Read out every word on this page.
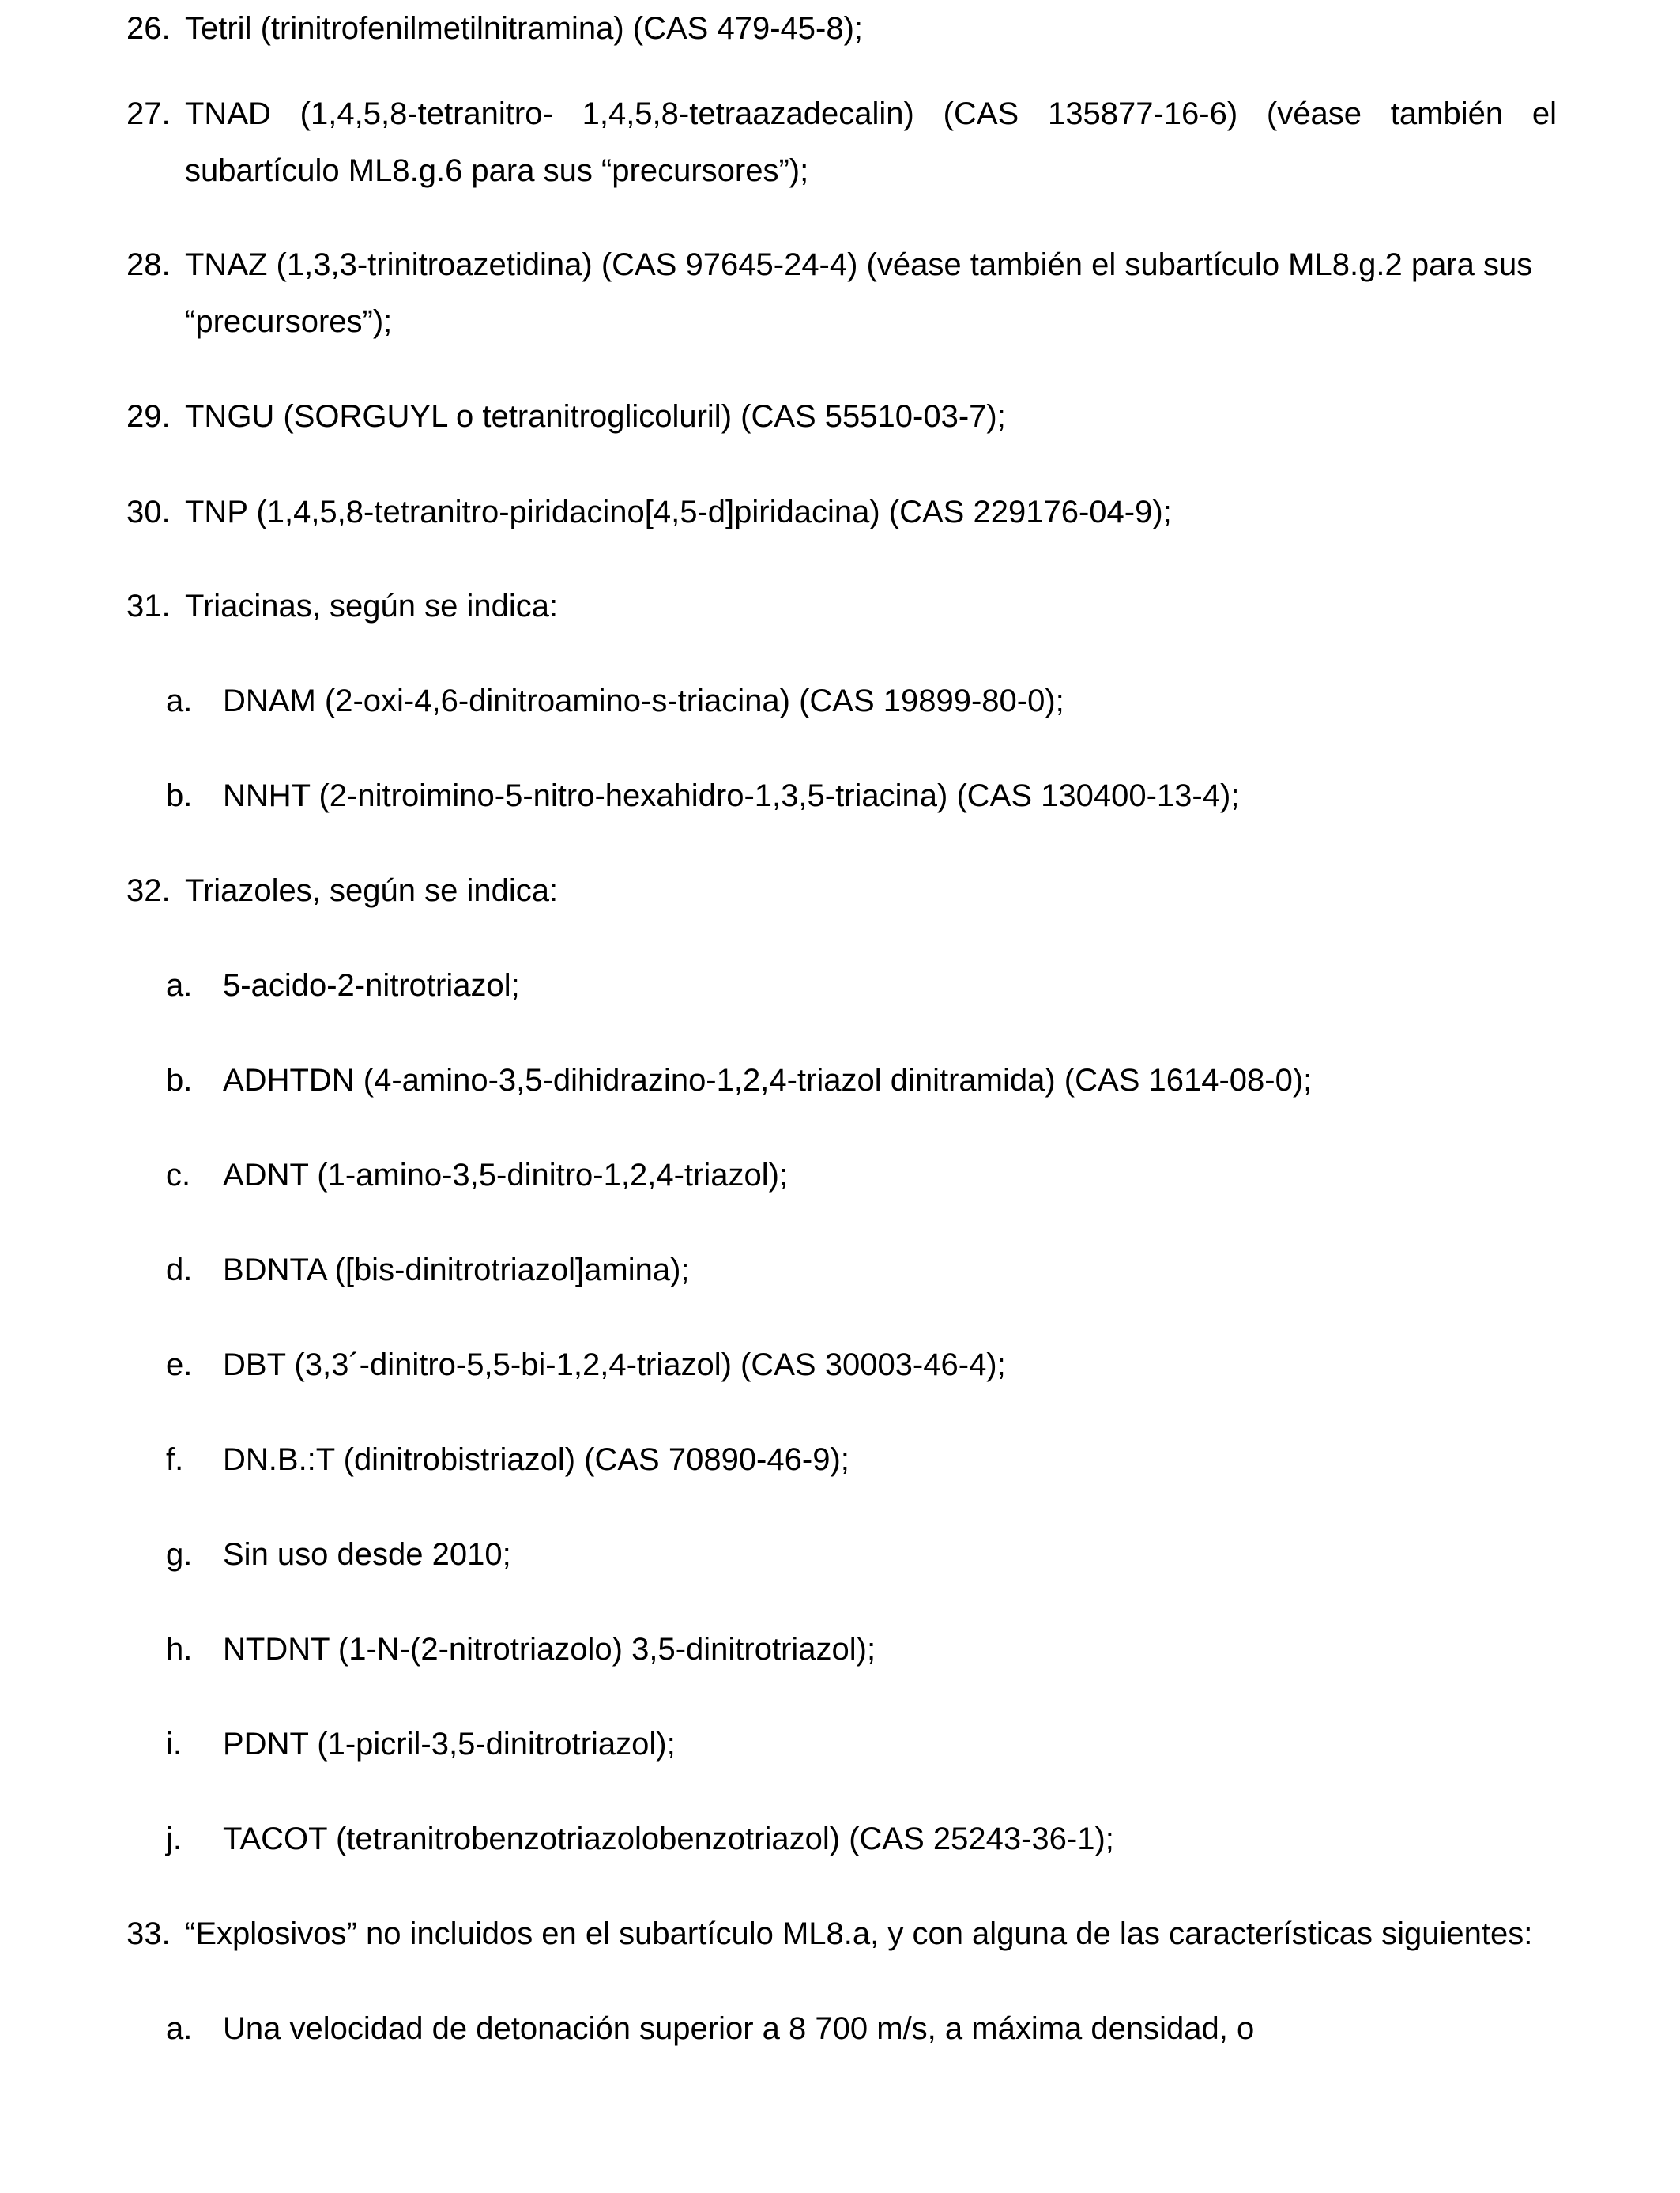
26. Tetril (trinitrofenilmetilnitramina) (CAS 479-45-8);
27. TNAD (1,4,5,8-tetranitro- 1,4,5,8-tetraazadecalin) (CAS 135877-16-6) (véase también el
subartículo ML8.g.6 para sus “precursores”);
28. TNAZ (1,3,3-trinitroazetidina) (CAS 97645-24-4) (véase también el subartículo ML8.g.2 para sus
“precursores”);
29. TNGU (SORGUYL o tetranitroglicoluril) (CAS 55510-03-7);
30. TNP (1,4,5,8-tetranitro-piridacino[4,5-d]piridacina) (CAS 229176-04-9);
31. Triacinas, según se indica:
a. DNAM (2-oxi-4,6-dinitroamino-s-triacina) (CAS 19899-80-0);
b. NNHT (2-nitroimino-5-nitro-hexahidro-1,3,5-triacina) (CAS 130400-13-4);
32. Triazoles, según se indica:
a. 5-acido-2-nitrotriazol;
b. ADHTDN (4-amino-3,5-dihidrazino-1,2,4-triazol dinitramida) (CAS 1614-08-0);
c. ADNT (1-amino-3,5-dinitro-1,2,4-triazol);
d. BDNTA ([bis-dinitrotriazol]amina);
e. DBT (3,3´-dinitro-5,5-bi-1,2,4-triazol) (CAS 30003-46-4);
f. DN.B.:T (dinitrobistriazol) (CAS 70890-46-9);
g. Sin uso desde 2010;
h. NTDNT (1-N-(2-nitrotriazolo) 3,5-dinitrotriazol);
i. PDNT (1-picril-3,5-dinitrotriazol);
j. TACOT (tetranitrobenzotriazolobenzotriazol) (CAS 25243-36-1);
33. “Explosivos” no incluidos en el subartículo ML8.a, y con alguna de las características siguientes:
a. Una velocidad de detonación superior a 8 700 m/s, a máxima densidad, o
